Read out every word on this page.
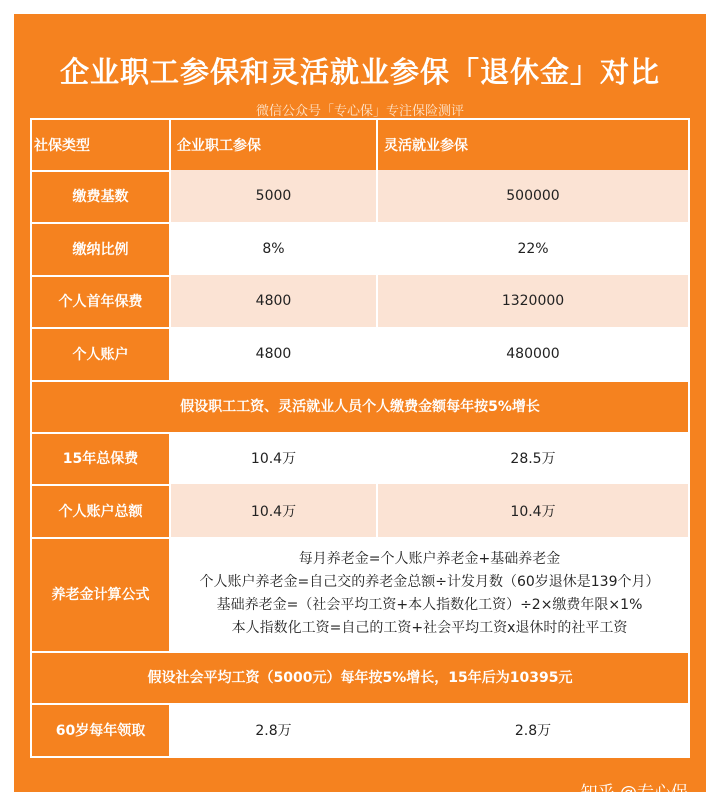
企业职工参保和灵活就业参保「退休金」对比
微信公众号「专心保」专注保险测评
社保类型	企业职工参保	灵活就业参保
缴费基数	5000	500000
缴纳比例	8%	22%
个人首年保费	4800	1320000
个人账户	4800	480000
假设职工工资、灵活就业人员个人缴费金额每年按5%增长
15年总保费	10.4万	28.5万
个人账户总额	10.4万	10.4万
养老金计算公式
每月养老金=个人账户养老金+基础养老金
个人账户养老金=自己交的养老金总额÷计发月数（60岁退休是139个月）
基础养老金=（社会平均工资+本人指数化工资）÷2×缴费年限×1%
本人指数化工资=自己的工资+社会平均工资x退休时的社平工资
假设社会平均工资（5000元）每年按5%增长，15年后为10395元
60岁每年领取	2.8万	2.8万
知乎 @专心保
